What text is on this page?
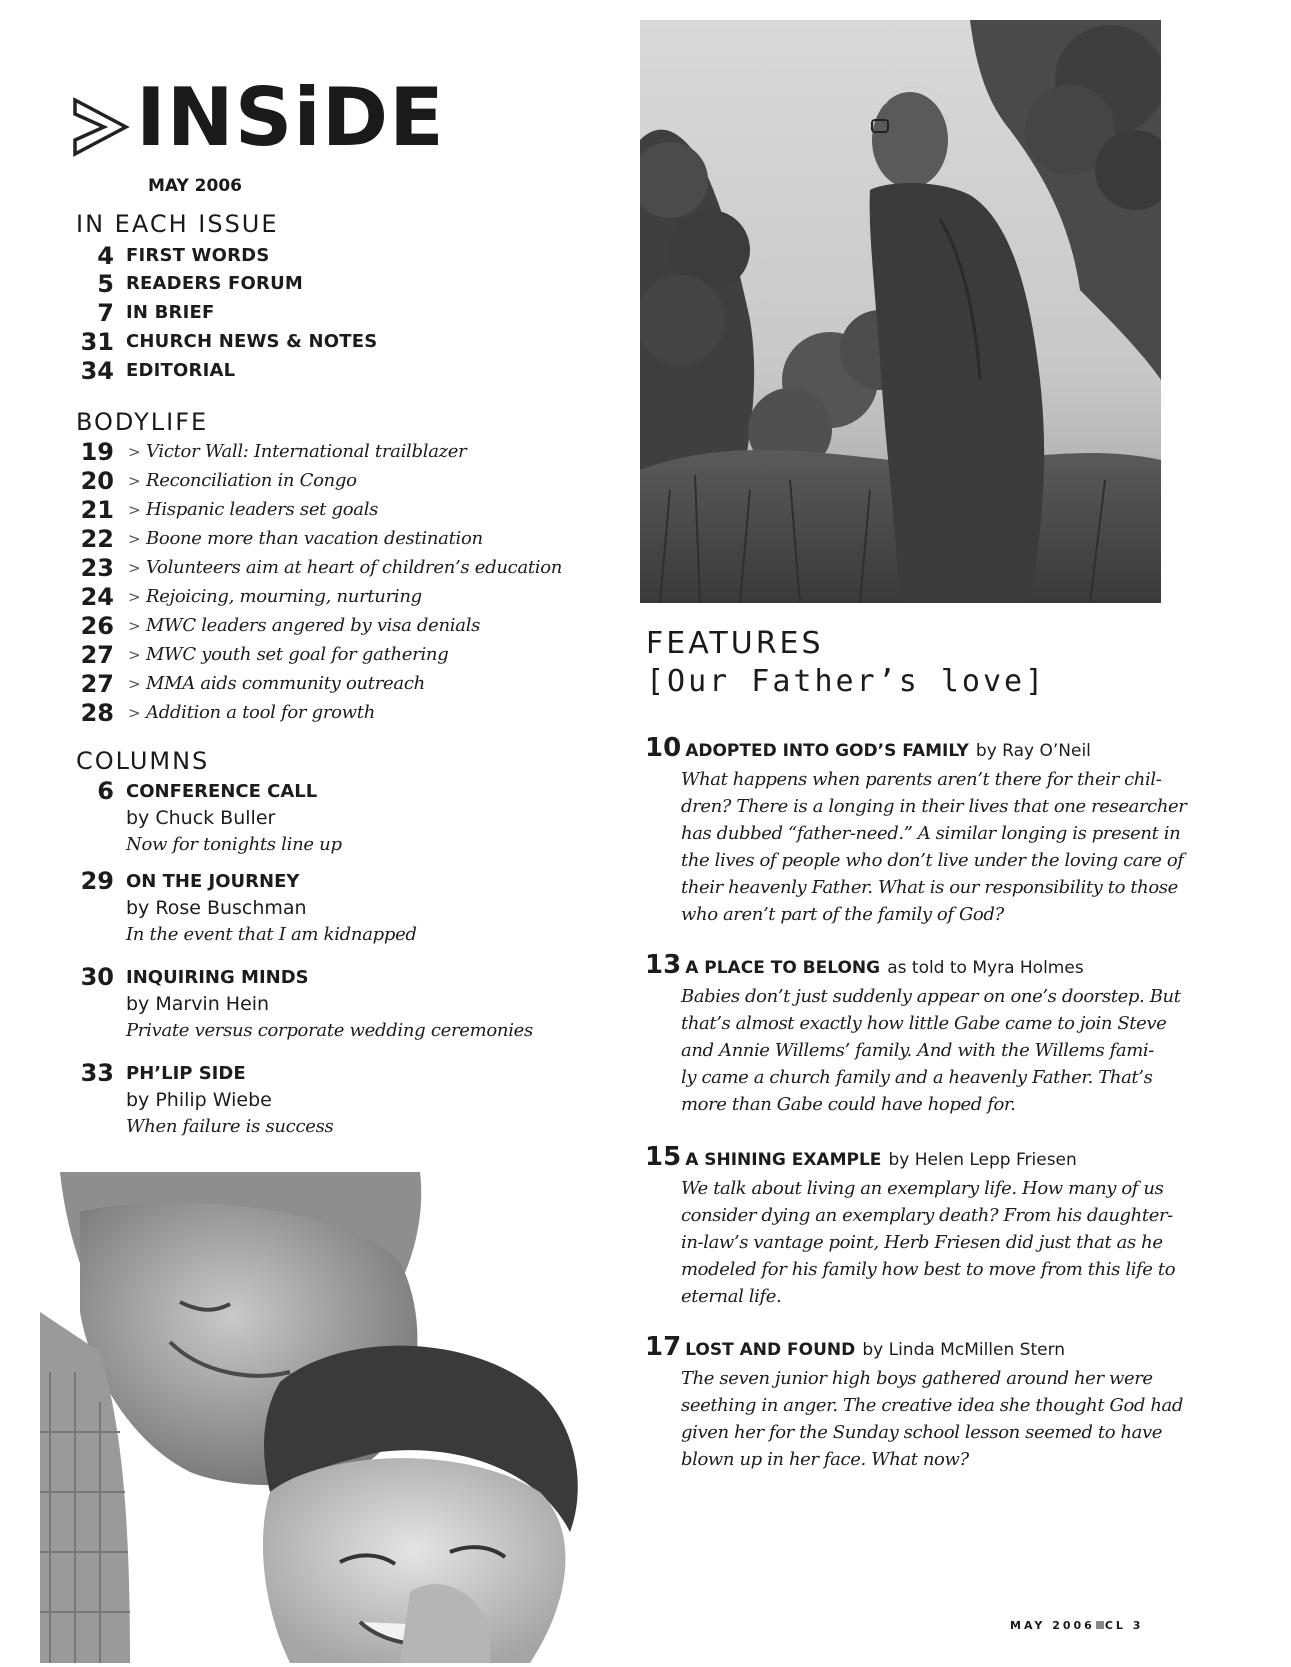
INSiDE
MAY 2006
IN EACH ISSUE
4 FIRST WORDS
5 READERS FORUM
7 IN BRIEF
31 CHURCH NEWS & NOTES
34 EDITORIAL
BODYLIFE
19 > Victor Wall: International trailblazer
20 > Reconciliation in Congo
21 > Hispanic leaders set goals
22 > Boone more than vacation destination
23 > Volunteers aim at heart of children’s education
24 > Rejoicing, mourning, nurturing
26 > MWC leaders angered by visa denials
27 > MWC youth set goal for gathering
27 > MMA aids community outreach
28 > Addition a tool for growth
COLUMNS
6 CONFERENCE CALL
by Chuck Buller
Now for tonights line up
29 ON THE JOURNEY
by Rose Buschman
In the event that I am kidnapped
30 INQUIRING MINDS
by Marvin Hein
Private versus corporate wedding ceremonies
33 PH’LIP SIDE
by Philip Wiebe
When failure is success
FEATURES
[Our Father’s love]
10 ADOPTED INTO GOD’S FAMILY by Ray O’Neil
What happens when parents aren’t there for their chil-
dren? There is a longing in their lives that one researcher
has dubbed “father-need.” A similar longing is present in
the lives of people who don’t live under the loving care of
their heavenly Father. What is our responsibility to those
who aren’t part of the family of God?
13 A PLACE TO BELONG as told to Myra Holmes
Babies don’t just suddenly appear on one’s doorstep. But
that’s almost exactly how little Gabe came to join Steve
and Annie Willems’ family. And with the Willems fami-
ly came a church family and a heavenly Father. That’s
more than Gabe could have hoped for.
15 A SHINING EXAMPLE by Helen Lepp Friesen
We talk about living an exemplary life. How many of us
consider dying an exemplary death? From his daughter-
in-law’s vantage point, Herb Friesen did just that as he
modeled for his family how best to move from this life to
eternal life.
17 LOST AND FOUND by Linda McMillen Stern
The seven junior high boys gathered around her were
seething in anger. The creative idea she thought God had
given her for the Sunday school lesson seemed to have
blown up in her face. What now?
MAY 2006 CL 3
